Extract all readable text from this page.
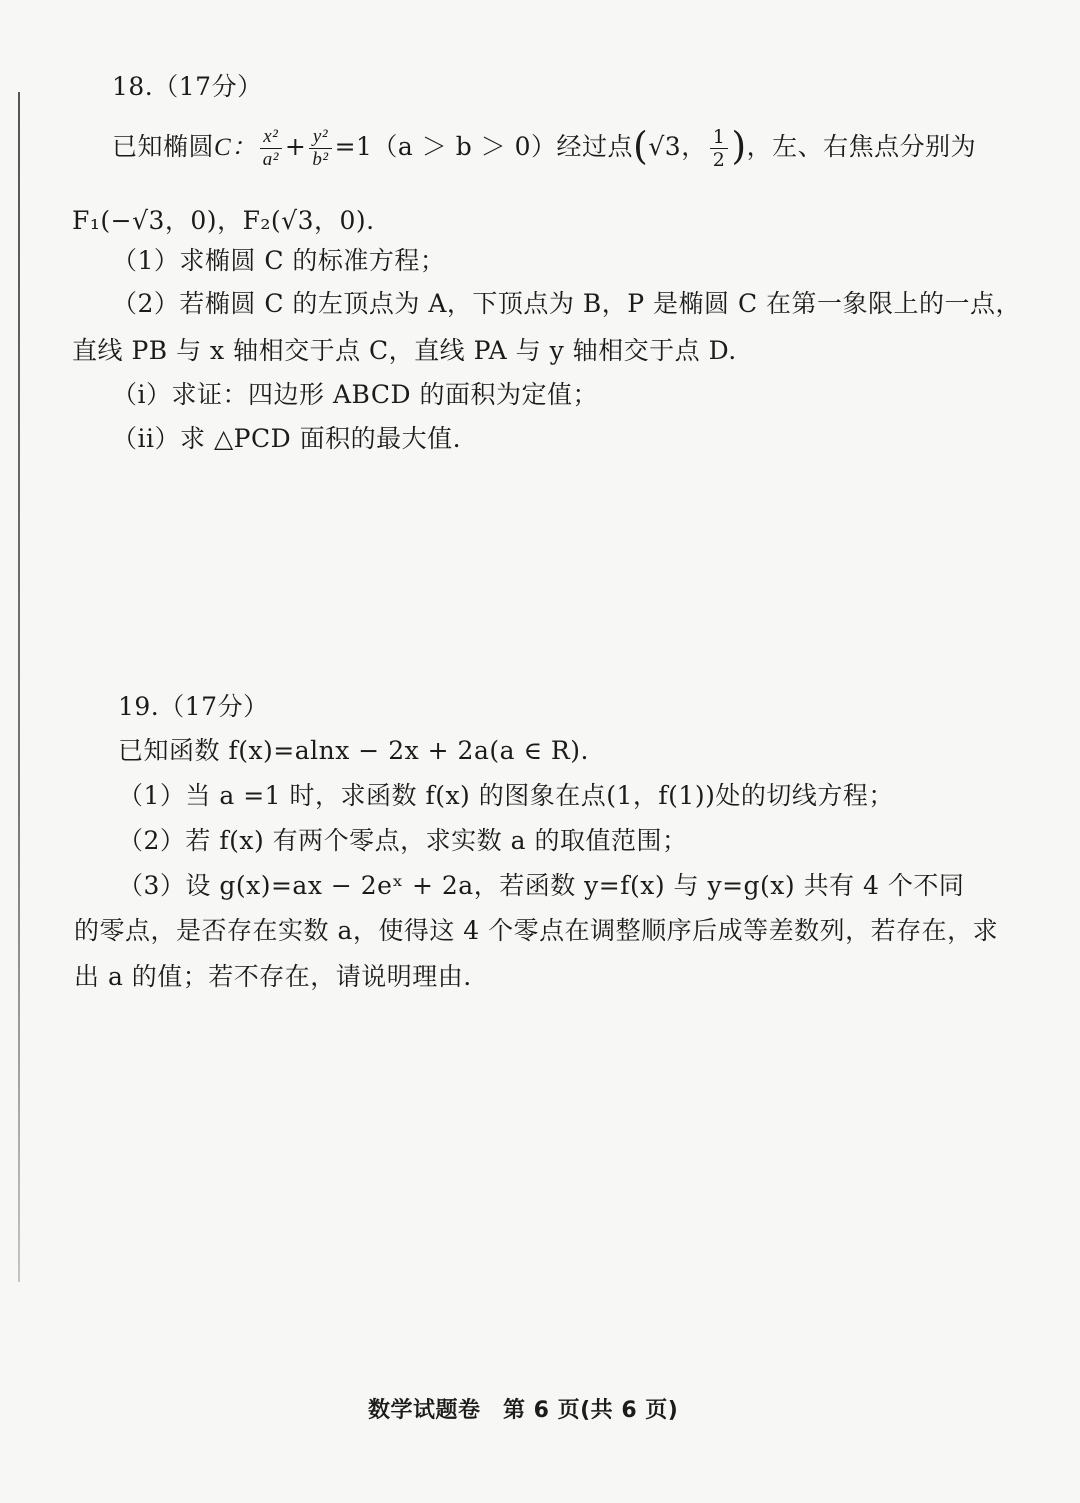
18.（17分）
已知椭圆C： $\frac{\text{x²}}{\text{a²}} + \frac{\text{y²}}{\text{b²}} =1(a > b > 0)$经过点(√3， $\frac{1}{2}$ )，左、右焦点分别为
F₁(−√3，0)，F₂(√3，0).
（1）求椭圆 C 的标准方程；
（2）若椭圆 C 的左顶点为 A，下顶点为 B，P 是椭圆 C 在第一象限上的一点，
直线 PB 与 x 轴相交于点 C，直线 PA 与 y 轴相交于点 D.
（i）求证：四边形 ABCD 的面积为定值；
（ii）求 △PCD 面积的最大值.
19.（17分）
已知函数 f(x)=alnx − 2x + 2a(a ∈ R).
（1）当 a =1 时，求函数 f(x) 的图象在点(1，f(1))处的切线方程；
（2）若 f(x) 有两个零点，求实数 a 的取值范围；
（3）设 g(x)=ax − 2eˣ + 2a，若函数 y=f(x) 与 y=g(x) 共有 4 个不同
的零点，是否存在实数 a，使得这 4 个零点在调整顺序后成等差数列，若存在，求
出 a 的值；若不存在，请说明理由.
数学试题卷　第 6 页(共 6 页)
